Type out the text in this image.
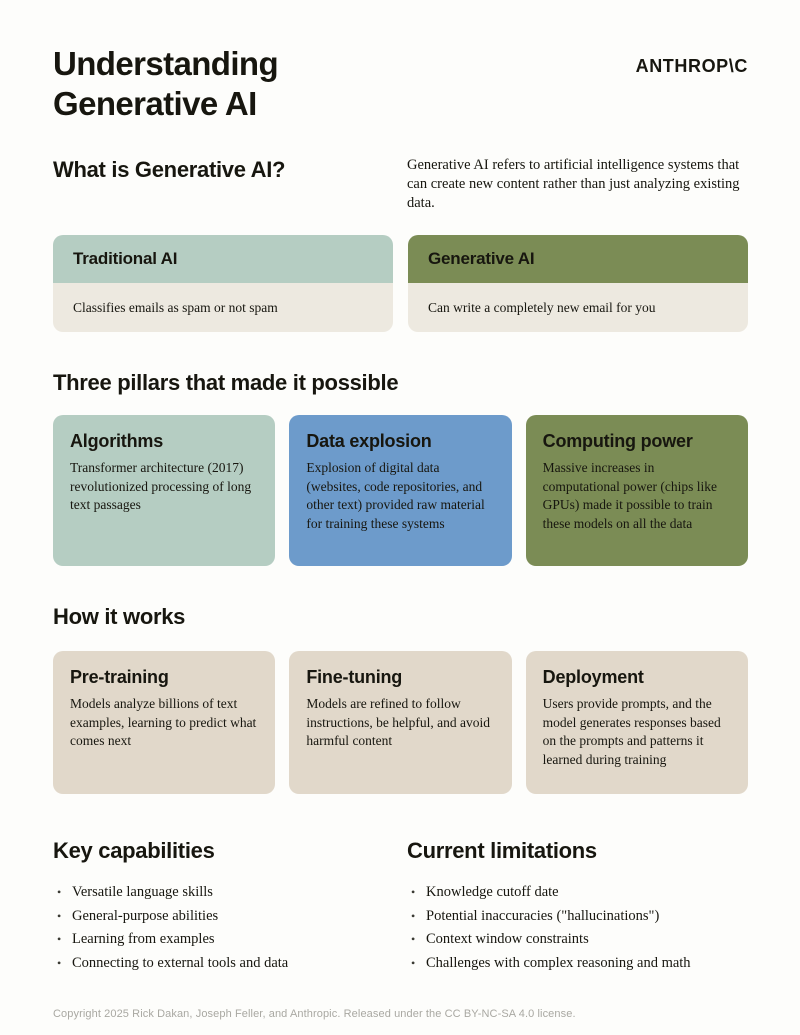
Understanding
Generative AI
ANTHROP\C
What is Generative AI?	Generative AI refers to artificial intelligence systems that can create new content rather than just analyzing existing data.

Traditional AI
Classifies emails as spam or not spam
Generative AI
Can write a completely new email for you
Three pillars that made it possible
Algorithms

Transformer architecture (2017) revolutionized processing of long text passages

Data explosion

Explosion of digital data (websites, code repositories, and other text) provided raw material for training these systems

Computing power

Massive increases in computational power (chips like GPUs) made it possible to train these models on all the data

How it works
Pre-training

Models analyze billions of text examples, learning to predict what comes next

Fine-tuning

Models are refined to follow instructions, be helpful, and avoid harmful content

Deployment

Users provide prompts, and the model generates responses based on the prompts and patterns it learned during training

Key capabilities
• Versatile language skills
• General-purpose abilities
• Learning from examples
• Connecting to external tools and data
Current limitations
• Knowledge cutoff date
• Potential inaccuracies ("hallucinations")
• Context window constraints
• Challenges with complex reasoning and math
Copyright 2025 Rick Dakan, Joseph Feller, and Anthropic. Released under the CC BY-NC-SA 4.0 license.
